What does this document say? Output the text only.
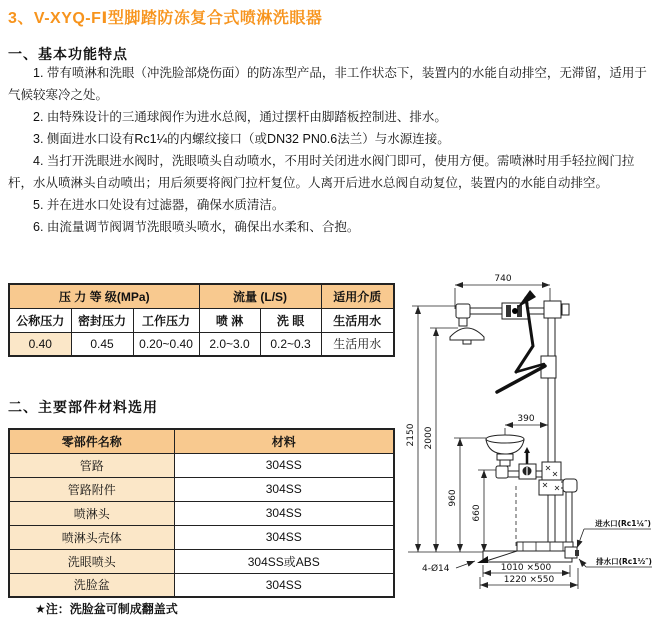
3、V-XYQ-FⅠ型脚踏防冻复合式喷淋洗眼器
一、基本功能特点

1. 带有喷淋和洗眼（冲洗脸部烧伤面）的防冻型产品，非工作状态下，装置内的水能自动排空，无滞留，适用于气候较寒冷之处。

2. 由特殊设计的三通球阀作为进水总阀，通过摆杆由脚踏板控制进、排水。

3. 侧面进水口设有Rc1¼的内螺纹接口（或DN32 PN0.6法兰）与水源连接。

4. 当打开洗眼进水阀时，洗眼喷头自动喷水，不用时关闭进水阀门即可，使用方便。需喷淋时用手轻拉阀门拉杆，水从喷淋头自动喷出；用后须要将阀门拉杆复位。人离开后进水总阀自动复位，装置内的水能自动排空。

5. 并在进水口处设有过滤器，确保水质清洁。

6. 由流量调节阀调节洗眼喷头喷水，确保出水柔和、合抱。

压 力 等 级(MPa)			流量 (L/S)		适用介质
公称压力	密封压力	工作压力	喷 淋	洗 眼	生活用水
0.40	0.45	0.20~0.40	2.0~3.0	0.2~0.3	生活用水
二、主要部件材料选用
零部件名称	材料
管路	304SS
管路附件	304SS
喷淋头	304SS
喷淋头壳体	304SS
洗眼喷头	304SS或ABS
洗脸盆	304SS
★注：洗脸盆可制成翻盖式
740
2150 2000
960
660
390
1010 ×500
1220 ×550
4-Ø14
进水口(Rc1¼″)
排水口(Rc1½″)
